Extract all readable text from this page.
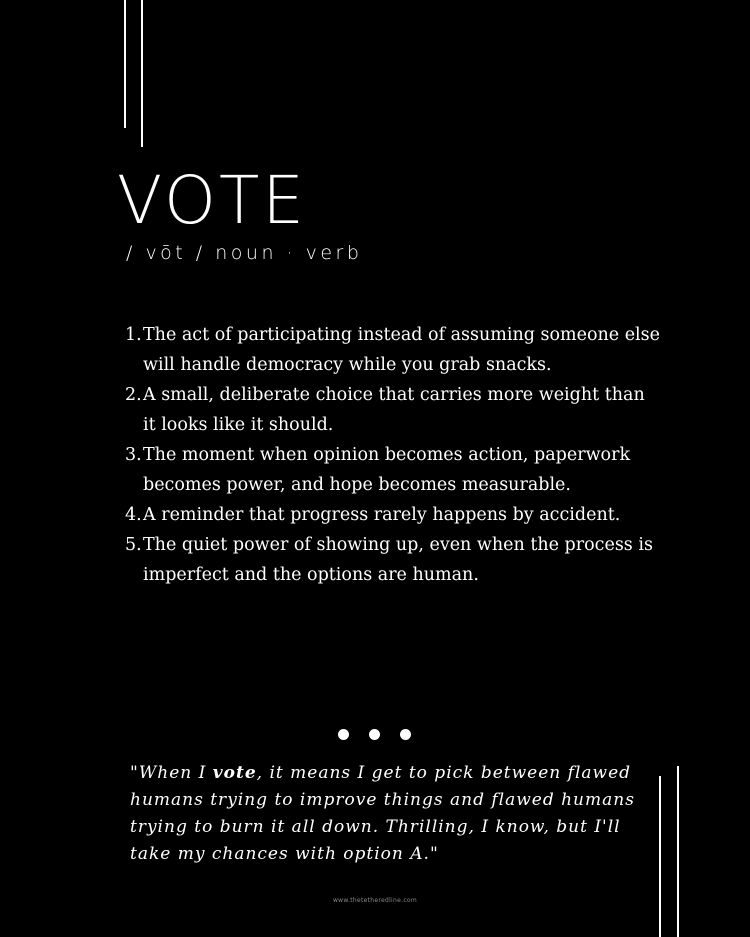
VOTE
/ vōt / noun · verb
1. The act of participating instead of assuming someone else will handle democracy while you grab snacks.
2. A small, deliberate choice that carries more weight than it looks like it should.
3. The moment when opinion becomes action, paperwork becomes power, and hope becomes measurable.
4. A reminder that progress rarely happens by accident.
5. The quiet power of showing up, even when the process is imperfect and the options are human.

"When I vote, it means I get to pick between flawed humans trying to improve things and flawed humans trying to burn it all down. Thrilling, I know, but I'll take my chances with option A."

www.thetetheredline.com
